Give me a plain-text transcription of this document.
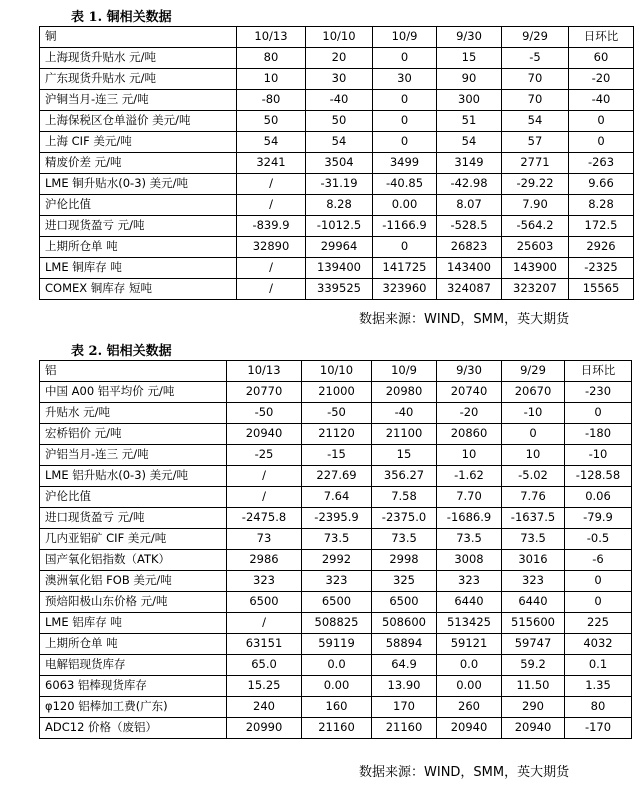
表 1. 铜相关数据
铜	10/13	10/10	10/9	9/30	9/29	日环比
上海现货升贴水 元/吨	80	20	0	15	-5	60
广东现货升贴水 元/吨	10	30	30	90	70	-20
沪铜当月-连三 元/吨	-80	-40	0	300	70	-40
上海保税区仓单溢价 美元/吨	50	50	0	51	54	0
上海 CIF 美元/吨	54	54	0	54	57	0
精废价差 元/吨	3241	3504	3499	3149	2771	-263
LME 铜升贴水(0-3) 美元/吨	/	-31.19	-40.85	-42.98	-29.22	9.66
沪伦比值	/	8.28	0.00	8.07	7.90	8.28
进口现货盈亏 元/吨	-839.9	-1012.5	-1166.9	-528.5	-564.2	172.5
上期所仓单 吨	32890	29964	0	26823	25603	2926
LME 铜库存 吨	/	139400	141725	143400	143900	-2325
COMEX 铜库存 短吨	/	339525	323960	324087	323207	15565
数据来源：WIND，SMM，英大期货
表 2. 铝相关数据
铝	10/13	10/10	10/9	9/30	9/29	日环比
中国 A00 铝平均价 元/吨	20770	21000	20980	20740	20670	-230
升贴水 元/吨	-50	-50	-40	-20	-10	0
宏桥铝价 元/吨	20940	21120	21100	20860	0	-180
沪铝当月-连三 元/吨	-25	-15	15	10	10	-10
LME 铝升贴水(0-3) 美元/吨	/	227.69	356.27	-1.62	-5.02	-128.58
沪伦比值	/	7.64	7.58	7.70	7.76	0.06
进口现货盈亏 元/吨	-2475.8	-2395.9	-2375.0	-1686.9	-1637.5	-79.9
几内亚铝矿 CIF 美元/吨	73	73.5	73.5	73.5	73.5	-0.5
国产氧化铝指数（ATK）	2986	2992	2998	3008	3016	-6
澳洲氧化铝 FOB 美元/吨	323	323	325	323	323	0
预焙阳极山东价格 元/吨	6500	6500	6500	6440	6440	0
LME 铝库存 吨	/	508825	508600	513425	515600	225
上期所仓单 吨	63151	59119	58894	59121	59747	4032
电解铝现货库存	65.0	0.0	64.9	0.0	59.2	0.1
6063 铝棒现货库存	15.25	0.00	13.90	0.00	11.50	1.35
φ120 铝棒加工费(广东)	240	160	170	260	290	80
ADC12 价格（废铝）	20990	21160	21160	20940	20940	-170
数据来源：WIND，SMM，英大期货
